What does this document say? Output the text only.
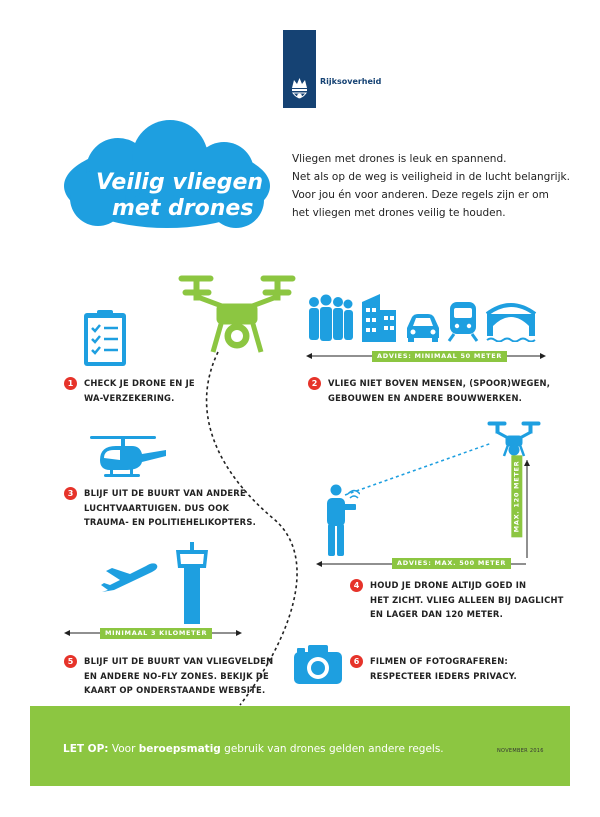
Rijksoverheid
Veilig vliegen
met drones
Vliegen met drones is leuk en spannend.
Net als op de weg is veiligheid in de lucht belangrijk.
Voor jou én voor anderen. Deze regels zijn er om
het vliegen met drones veilig te houden.
1	CHECK JE DRONE EN JE
WA-VERZEKERING.
ADVIES: MINIMAAL 50 METER
2	VLIEG NIET BOVEN MENSEN, (SPOOR)WEGEN,
GEBOUWEN EN ANDERE BOUWWERKEN.
3	BLIJF UIT DE BUURT VAN ANDERE
LUCHTVAARTUIGEN. DUS OOK
TRAUMA- EN POLITIEHELIKOPTERS.	MAX. 120 METER
ADVIES: MAX. 500 METER
4	HOUD JE DRONE ALTIJD GOED IN
HET ZICHT. VLIEG ALLEEN BIJ DAGLICHT
EN LAGER DAN 120 METER.
MINIMAAL 3 KILOMETER
5	BLIJF UIT DE BUURT VAN VLIEGVELDEN
EN ANDERE NO-FLY ZONES. BEKIJK DE
KAART OP ONDERSTAANDE WEBSITE.
6	FILMEN OF FOTOGRAFEREN:
RESPECTEER IEDERS PRIVACY.
LET OP: Voor beroepsmatig gebruik van drones gelden andere regels.	NOVEMBER 2016
